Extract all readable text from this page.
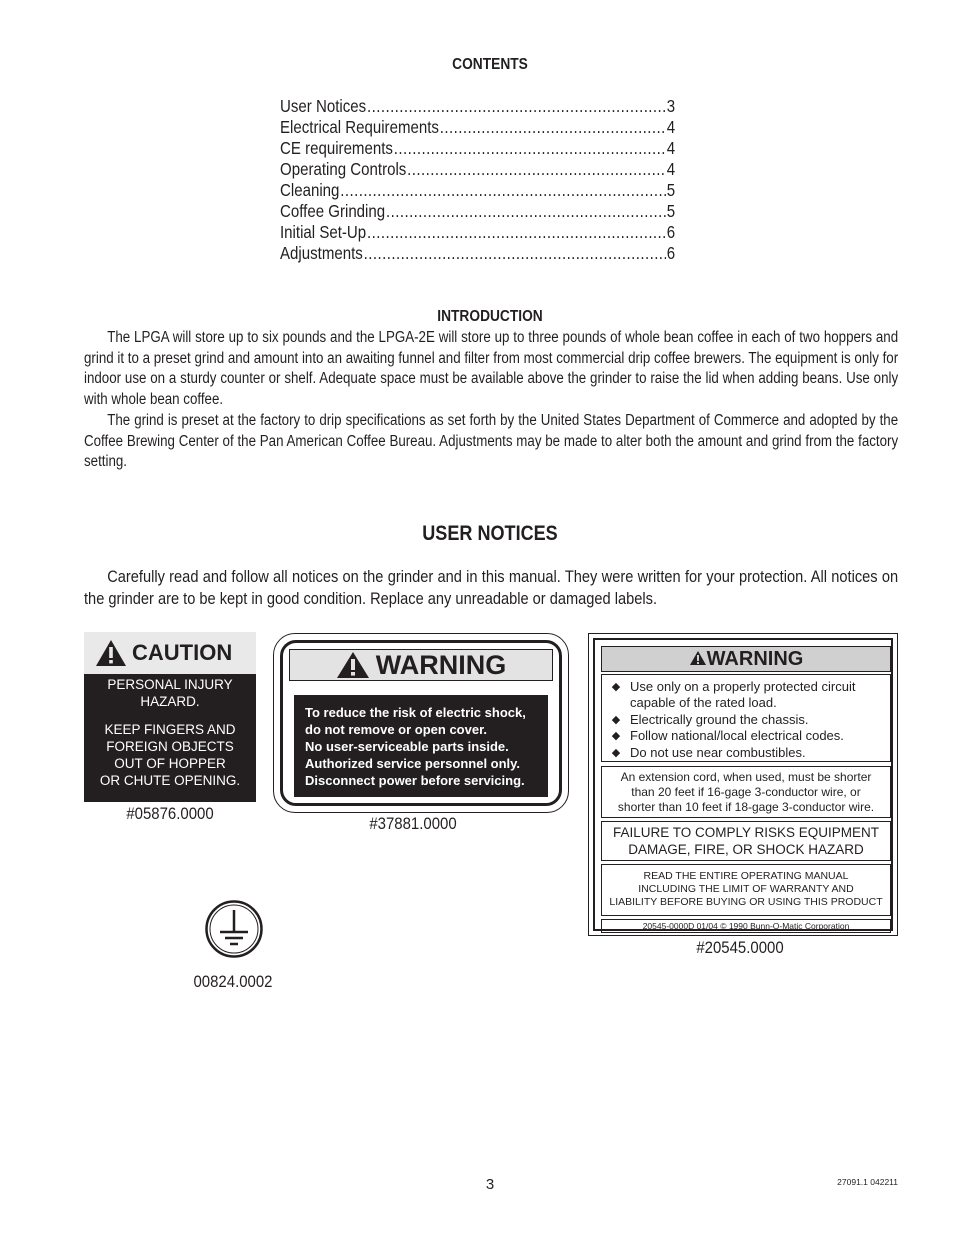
CONTENTS
User Notices .....	3
Electrical Requirements .....	4
CE requirements .....	4
Operating Controls .....	4
Cleaning .....	5
Coffee Grinding .....	5
Initial Set-Up .....	6
Adjustments .....	6
INTRODUCTION
The LPGA will store up to six pounds and the LPGA-2E will store up to three pounds of whole bean coffee in each of two hoppers and grind it to a preset grind and amount into an awaiting funnel and filter from most commercial drip coffee brewers. The equipment is only for indoor use on a sturdy counter or shelf. Adequate space must be available above the grinder to raise the lid when adding beans. Use only with whole bean coffee.
The grind is preset at the factory to drip specifications as set forth by the United States Department of Commerce and adopted by the Coffee Brewing Center of the Pan American Coffee Bureau. Adjustments may be made to alter both the amount and grind from the factory setting.
USER NOTICES
Carefully read and follow all notices on the grinder and in this manual. They were written for your protection. All notices on the grinder are to be kept in good condition. Replace any unreadable or damaged labels.
CAUTION
PERSONAL INJURY
HAZARD.
KEEP FINGERS AND
FOREIGN OBJECTS
OUT OF HOPPER
OR CHUTE OPENING.
#05876.0000
WARNING
To reduce the risk of electric shock,
do not remove or open cover.
No user-serviceable parts inside.
Authorized service personnel only.
Disconnect power before servicing.
#37881.0000
WARNING
◆ Use only on a properly protected circuit
capable of the rated load.
◆ Electrically ground the chassis.
◆ Follow national/local electrical codes.
◆ Do not use near combustibles.
An extension cord, when used, must be shorter
than 20 feet if 16-gage 3-conductor wire, or
shorter than 10 feet if 18-gage 3-conductor wire.
FAILURE TO COMPLY RISKS EQUIPMENT
DAMAGE, FIRE, OR SHOCK HAZARD
READ THE ENTIRE OPERATING MANUAL
INCLUDING THE LIMIT OF WARRANTY AND
LIABILITY BEFORE BUYING OR USING THIS PRODUCT
20545-0000D 01/04 © 1990 Bunn-O-Matic Corporation
#20545.0000
00824.0002
3	27091.1 042211
